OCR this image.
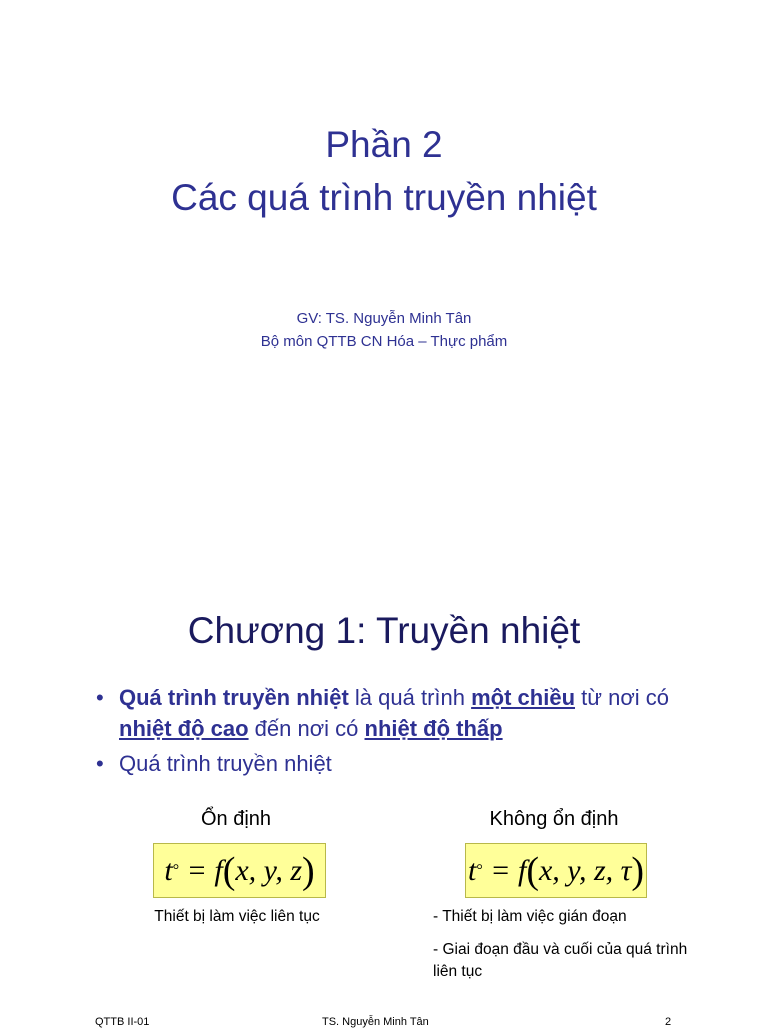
Phần 2
Các quá trình truyền nhiệt
GV: TS. Nguyễn Minh Tân
Bộ môn QTTB CN Hóa – Thực phẩm
Chương 1: Truyền nhiệt
• Quá trình truyền nhiệt là quá trình một chiều từ nơi có nhiệt độ cao đến nơi có nhiệt độ thấp
• Quá trình truyền nhiệt
Ổn định
t ° = f ( x, y, z )
Thiết bị làm việc liên tục
Không ổn định
t ° = f ( x, y, z, τ )
- Thiết bị làm việc gián đoạn
- Giai đoạn đầu và cuối của quá trình liên tục
QTTB II-01	TS. Nguyễn Minh Tân	2
